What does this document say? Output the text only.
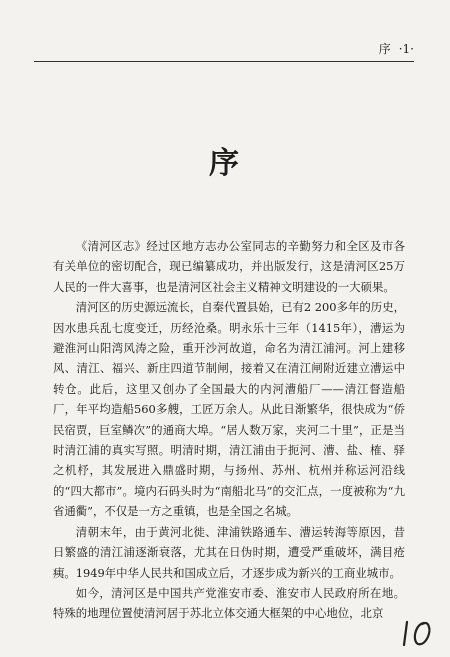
序 ·1·
序

《清河区志》经过区地方志办公室同志的辛勤努力和全区及市各有关单位的密切配合，现已编纂成功，并出版发行，这是清河区25万人民的一件大喜事，也是清河区社会主义精神文明建设的一大硕果。

清河区的历史源远流长，自秦代置县始，已有2 200多年的历史，因水患兵乱七度变迁，历经沧桑。明永乐十三年（1415年），漕运为避淮河山阳湾风涛之险，重开沙河故道，命名为清江浦河。河上建移风、清江、福兴、新庄四道节制闸，接着又在清江闸附近建立漕运中转仓。此后，这里又创办了全国最大的内河漕船厂——清江督造船厂，年平均造船560多艘，工匠万余人。从此日渐繁华，很快成为“侨民宿贾，巨室鳞次”的通商大埠。“居人数万家，夹河二十里”，正是当时清江浦的真实写照。明清时期，清江浦由于扼河、漕、盐、榷、驿之机杼，其发展进入鼎盛时期，与扬州、苏州、杭州并称运河沿线的“四大都市”。境内石码头时为“南船北马”的交汇点，一度被称为“九省通衢”，不仅是一方之重镇，也是全国之名城。

清朝末年，由于黄河北徙、津浦铁路通车、漕运转海等原因，昔日繁盛的清江浦逐渐衰落，尤其在日伪时期，遭受严重破坏，满目疮痍。1949年中华人民共和国成立后，才逐步成为新兴的工商业城市。

如今，清河区是中国共产党淮安市委、淮安市人民政府所在地。特殊的地理位置使清河居于苏北立体交通大框架的中心地位，北京
